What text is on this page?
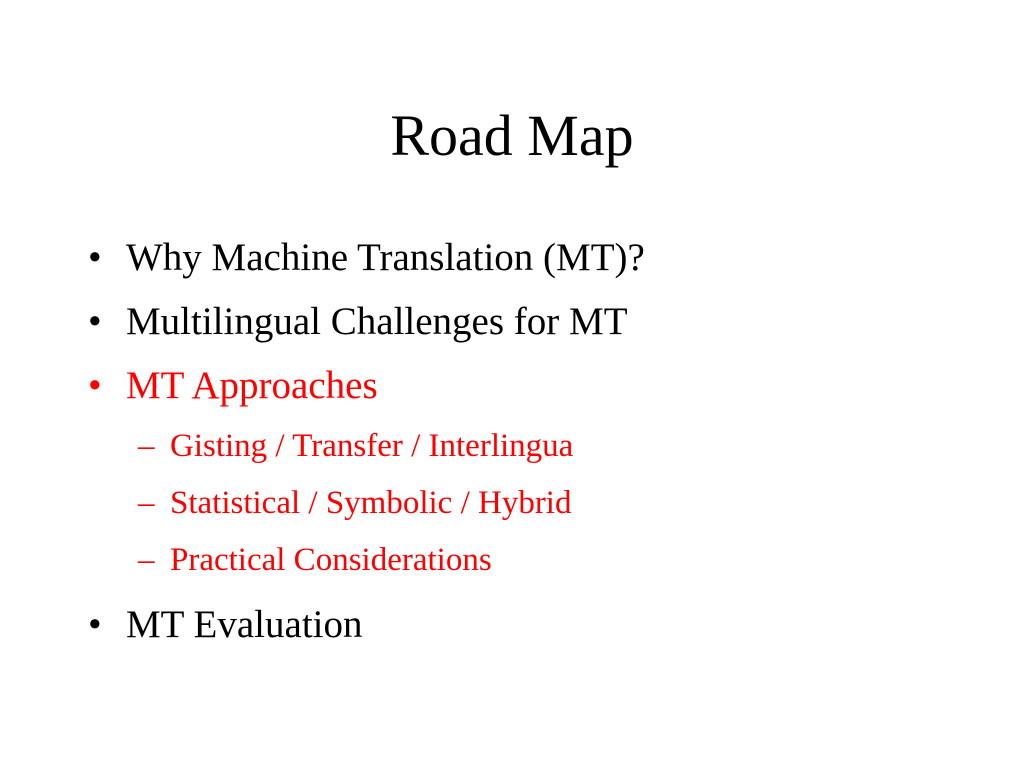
Road Map
• Why Machine Translation (MT)?
• Multilingual Challenges for MT
• MT Approaches
– Gisting / Transfer / Interlingua
– Statistical / Symbolic / Hybrid
– Practical Considerations
• MT Evaluation
